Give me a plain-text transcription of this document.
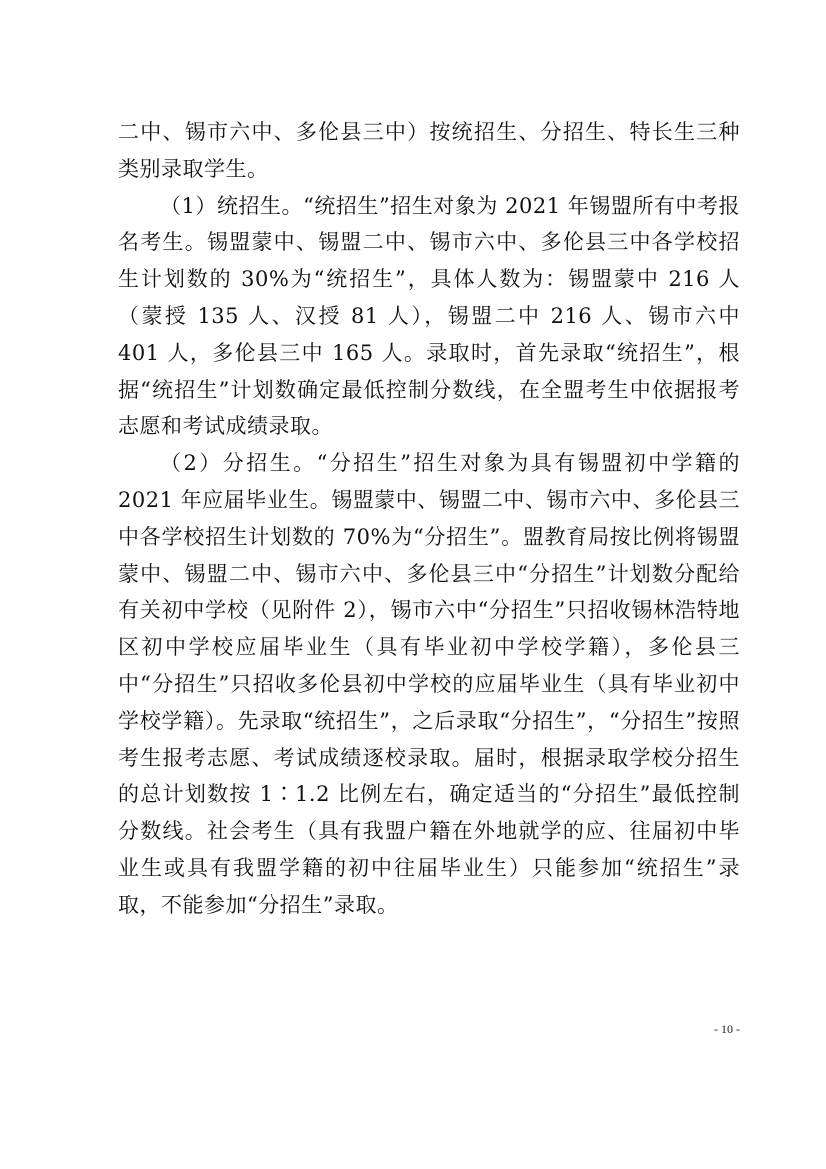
二中、锡市六中、多伦县三中）按统招生、分招生、特长生三种类别录取学生。

（1）统招生。“统招生”招生对象为 2021 年锡盟所有中考报名考生。锡盟蒙中、锡盟二中、锡市六中、多伦县三中各学校招生计划数的 30%为“统招生”，具体人数为：锡盟蒙中 216 人（蒙授 135 人、汉授 81 人），锡盟二中 216 人、锡市六中 401 人，多伦县三中 165 人。录取时，首先录取“统招生”，根据“统招生”计划数确定最低控制分数线，在全盟考生中依据报考志愿和考试成绩录取。

（2）分招生。“分招生”招生对象为具有锡盟初中学籍的 2021 年应届毕业生。锡盟蒙中、锡盟二中、锡市六中、多伦县三中各学校招生计划数的 70%为“分招生”。盟教育局按比例将锡盟蒙中、锡盟二中、锡市六中、多伦县三中“分招生”计划数分配给有关初中学校（见附件 2），锡市六中“分招生”只招收锡林浩特地区初中学校应届毕业生（具有毕业初中学校学籍），多伦县三中“分招生”只招收多伦县初中学校的应届毕业生（具有毕业初中学校学籍）。先录取“统招生”，之后录取“分招生”，“分招生”按照考生报考志愿、考试成绩逐校录取。届时，根据录取学校分招生的总计划数按 1∶1.2 比例左右，确定适当的“分招生”最低控制分数线。社会考生（具有我盟户籍在外地就学的应、往届初中毕业生或具有我盟学籍的初中往届毕业生）只能参加“统招生”录取，不能参加“分招生”录取。

- 10 -
